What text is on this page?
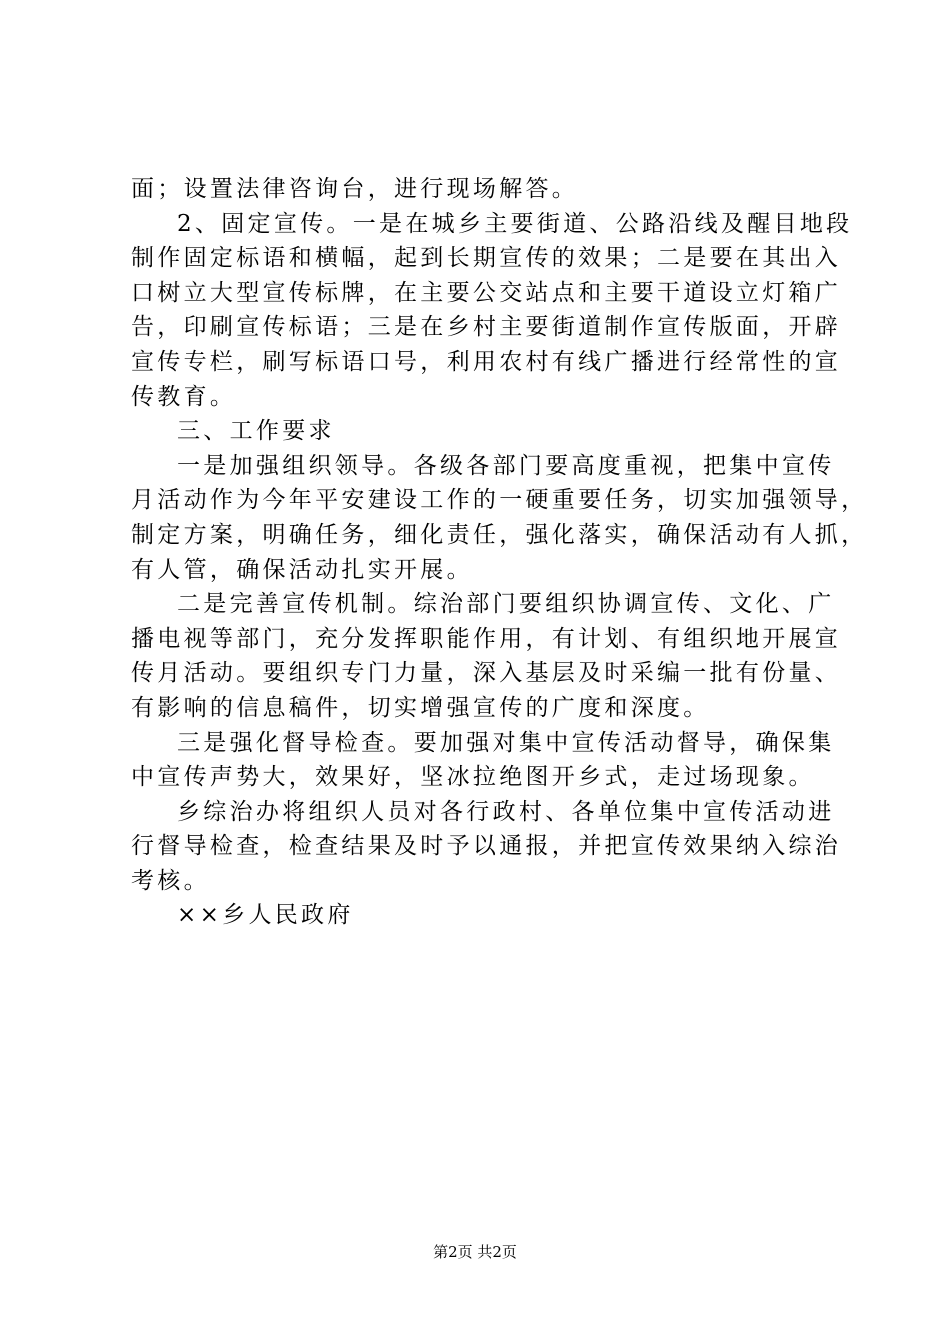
面；设置法律咨询台，进行现场解答。
2、固定宣传。一是在城乡主要街道、公路沿线及醒目地段
制作固定标语和横幅，起到长期宣传的效果；二是要在其出入
口树立大型宣传标牌，在主要公交站点和主要干道设立灯箱广
告，印刷宣传标语；三是在乡村主要街道制作宣传版面，开辟
宣传专栏，刷写标语口号，利用农村有线广播进行经常性的宣
传教育。
三、工作要求
一是加强组织领导。各级各部门要高度重视，把集中宣传
月活动作为今年平安建设工作的一硬重要任务，切实加强领导，
制定方案，明确任务，细化责任，强化落实，确保活动有人抓，
有人管，确保活动扎实开展。
二是完善宣传机制。综治部门要组织协调宣传、文化、广
播电视等部门，充分发挥职能作用，有计划、有组织地开展宣
传月活动。要组织专门力量，深入基层及时采编一批有份量、
有影响的信息稿件，切实增强宣传的广度和深度。
三是强化督导检查。要加强对集中宣传活动督导，确保集
中宣传声势大，效果好，坚冰拉绝图开乡式，走过场现象。
乡综治办将组织人员对各行政村、各单位集中宣传活动进
行督导检查，检查结果及时予以通报，并把宣传效果纳入综治
考核。
××乡人民政府
第2页 共2页
